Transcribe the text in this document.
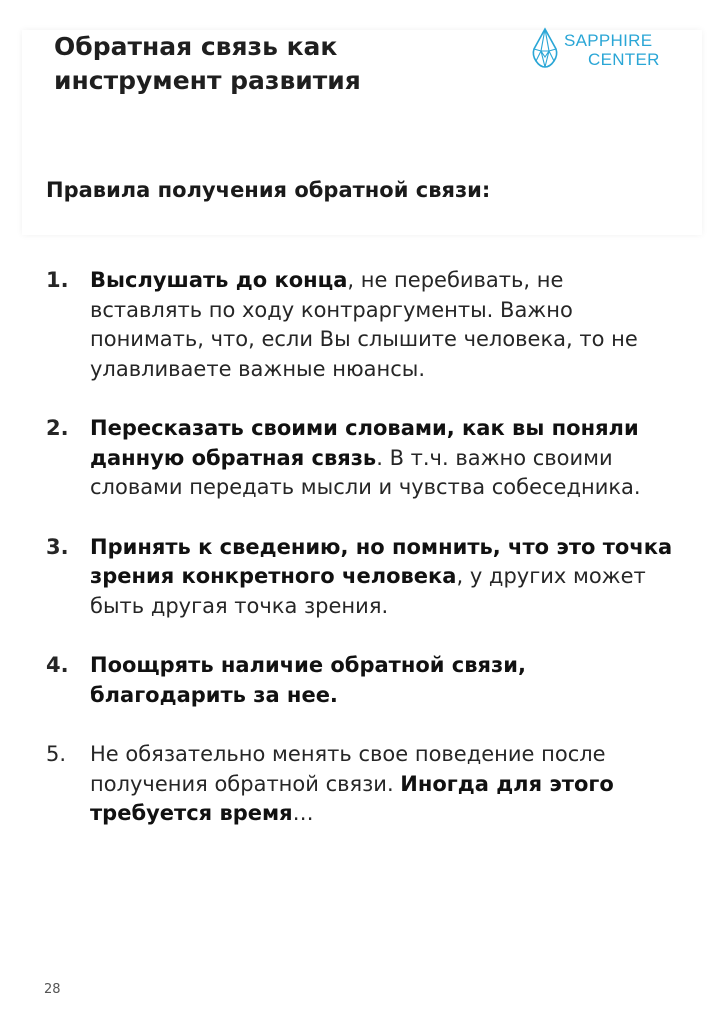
Обратная связь как инструмент развития
SAPPHIRE
CENTER
Правила получения обратной связи:
1.	Выслушать до конца, не перебивать, не вставлять по ходу контраргументы. Важно понимать, что, если Вы слышите человека, то не улавливаете важные нюансы.
2.	Пересказать своими словами, как вы поняли данную обратная связь. В т.ч. важно своими словами передать мысли и чувства собеседника.
3.	Принять к сведению, но помнить, что это точка зрения конкретного человека, у других может быть другая точка зрения.
4.	Поощрять наличие обратной связи, благодарить за нее.
5.	Не обязательно менять свое поведение после получения обратной связи. Иногда для этого требуется время…
28
